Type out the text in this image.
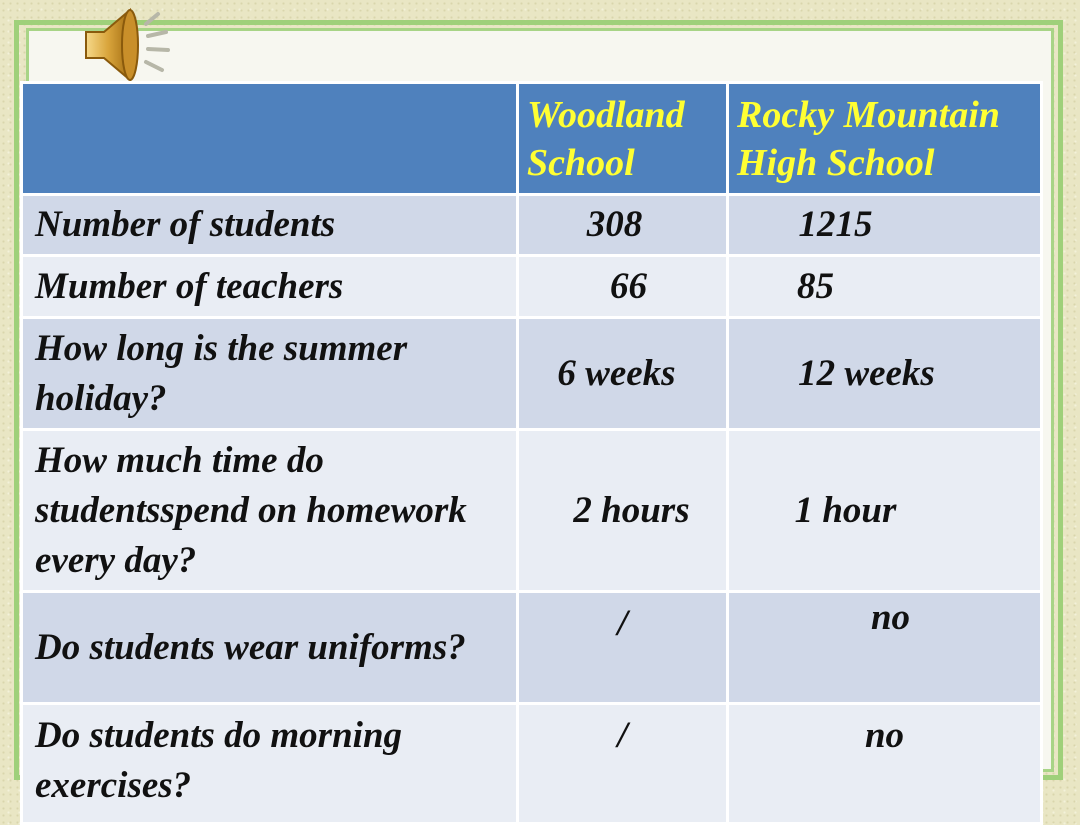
	Woodland School	Rocky Mountain High School
Number of students	308	1215
Mumber of teachers	66	85
How long is the summer holiday?	6 weeks	12 weeks
How much time do studentsspend on homework every day?	2 hours	1 hour
Do students wear uniforms?	/	no
Do students do morning exercises?	/	no
